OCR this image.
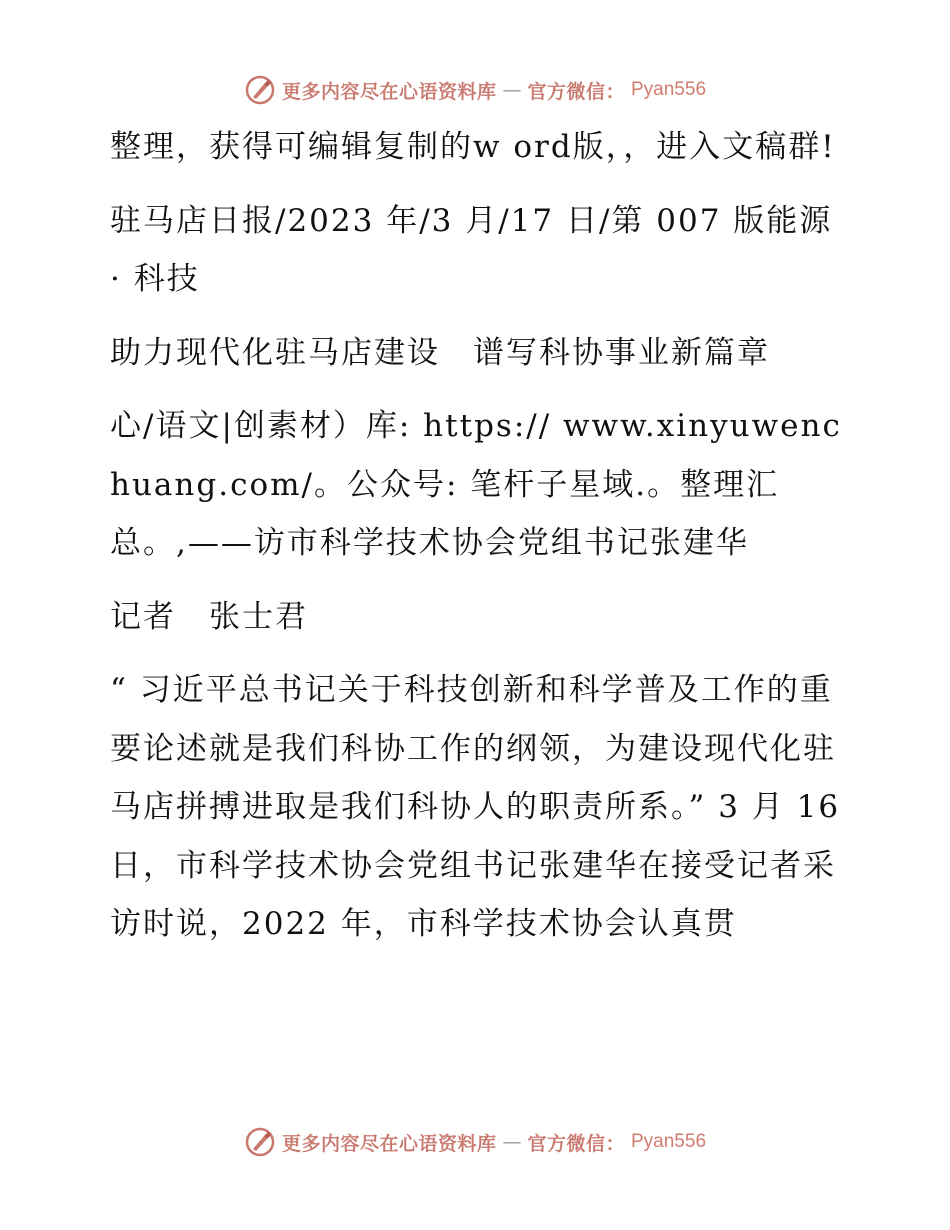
更多内容尽在心语资料库 — 官方微信： Pyan556

整理，获得可编辑复制的w ord版，，进入文稿群!

驻马店日报/2023 年/3 月/17 日/第 007 版能源 · 科技

助力现代化驻马店建设　谱写科协事业新篇章

心/语文|创素材）库: https:// www.xinyuwenchuang.com/。公众号: 笔杆子星域.。整理汇总。,——访市科学技术协会党组书记张建华

记者　张士君

“ 习近平总书记关于科技创新和科学普及工作的重要论述就是我们科协工作的纲领，为建设现代化驻马店拼搏进取是我们科协人的职责所系。” 3 月 16 日，市科学技术协会党组书记张建华在接受记者采访时说，2022 年，市科学技术协会认真贯

更多内容尽在心语资料库 — 官方微信： Pyan556
